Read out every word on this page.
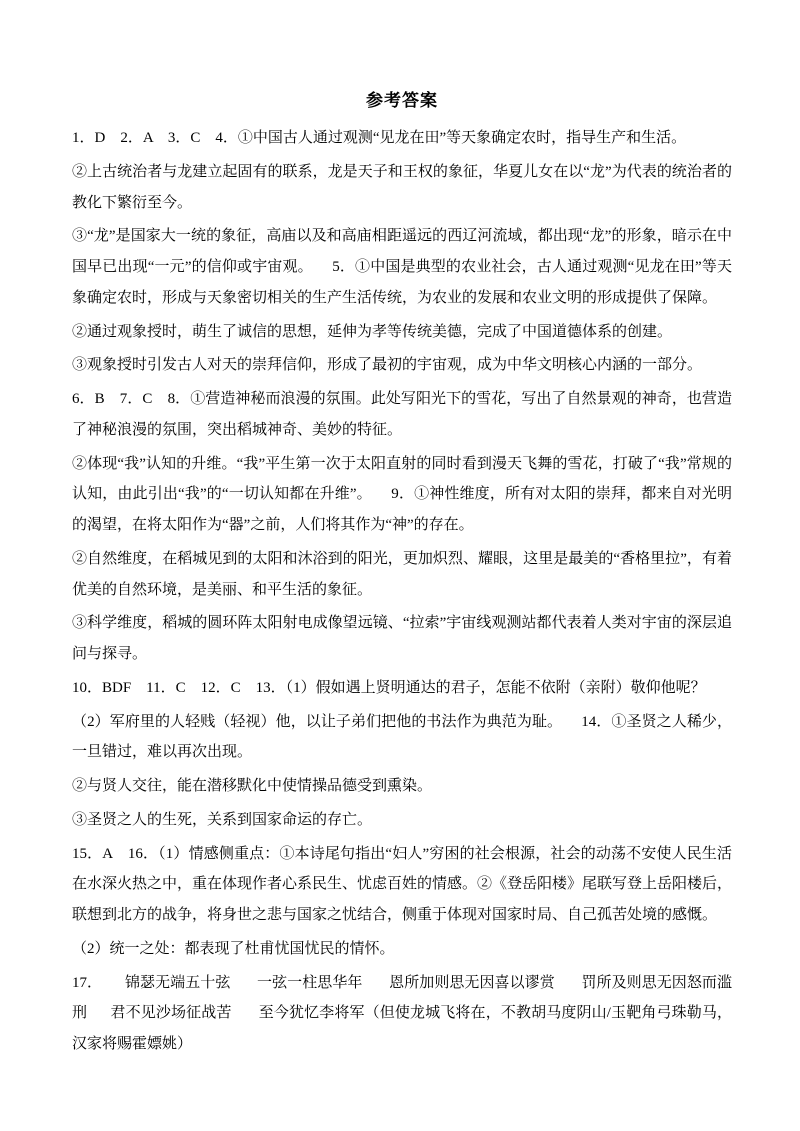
参考答案

1．D    2．A    3．C    4．①中国古人通过观测“见龙在田”等天象确定农时，指导生产和生活。

②上古统治者与龙建立起固有的联系，龙是天子和王权的象征，华夏儿女在以“龙”为代表的统治者的教化下繁衍至今。

③“龙”是国家大一统的象征，高庙以及和高庙相距遥远的西辽河流域，都出现“龙”的形象，暗示在中国早已出现“一元”的信仰或宇宙观。     5．①中国是典型的农业社会，古人通过观测“见龙在田”等天象确定农时，形成与天象密切相关的生产生活传统，为农业的发展和农业文明的形成提供了保障。

②通过观象授时，萌生了诚信的思想，延伸为孝等传统美德，完成了中国道德体系的创建。

③观象授时引发古人对天的崇拜信仰，形成了最初的宇宙观，成为中华文明核心内涵的一部分。

6．B    7．C    8．①营造神秘而浪漫的氛围。此处写阳光下的雪花，写出了自然景观的神奇，也营造了神秘浪漫的氛围，突出稻城神奇、美妙的特征。

②体现“我”认知的升维。“我”平生第一次于太阳直射的同时看到漫天飞舞的雪花，打破了“我”常规的认知，由此引出“我”的“一切认知都在升维”。     9．①神性维度，所有对太阳的崇拜，都来自对光明的渴望，在将太阳作为“器”之前，人们将其作为“神”的存在。

②自然维度，在稻城见到的太阳和沐浴到的阳光，更加炽烈、耀眼，这里是最美的“香格里拉”，有着优美的自然环境，是美丽、和平生活的象征。

③科学维度，稻城的圆环阵太阳射电成像望远镜、“拉索”宇宙线观测站都代表着人类对宇宙的深层追问与探寻。

10．BDF    11．C    12．C    13．（1）假如遇上贤明通达的君子，怎能不依附（亲附）敬仰他呢？

（2）军府里的人轻贱（轻视）他，以让子弟们把他的书法作为典范为耻。     14．①圣贤之人稀少，一旦错过，难以再次出现。

②与贤人交往，能在潜移默化中使情操品德受到熏染。

③圣贤之人的生死，关系到国家命运的存亡。

15．A    16．（1）情感侧重点：①本诗尾句指出“妇人”穷困的社会根源，社会的动荡不安使人民生活在水深火热之中，重在体现作者心系民生、忧虑百姓的情感。②《登岳阳楼》尾联写登上岳阳楼后，联想到北方的战争，将身世之悲与国家之忧结合，侧重于体现对国家时局、自己孤苦处境的感慨。

（2）统一之处：都表现了杜甫忧国忧民的情怀。

17．      锦瑟无端五十弦       一弦一柱思华年       恩所加则思无因喜以谬赏       罚所及则思无因怒而滥刑      君不见沙场征战苦       至今犹忆李将军（但使龙城飞将在，不教胡马度阴山/玉靶角弓珠勒马，汉家将赐霍嫖姚）
